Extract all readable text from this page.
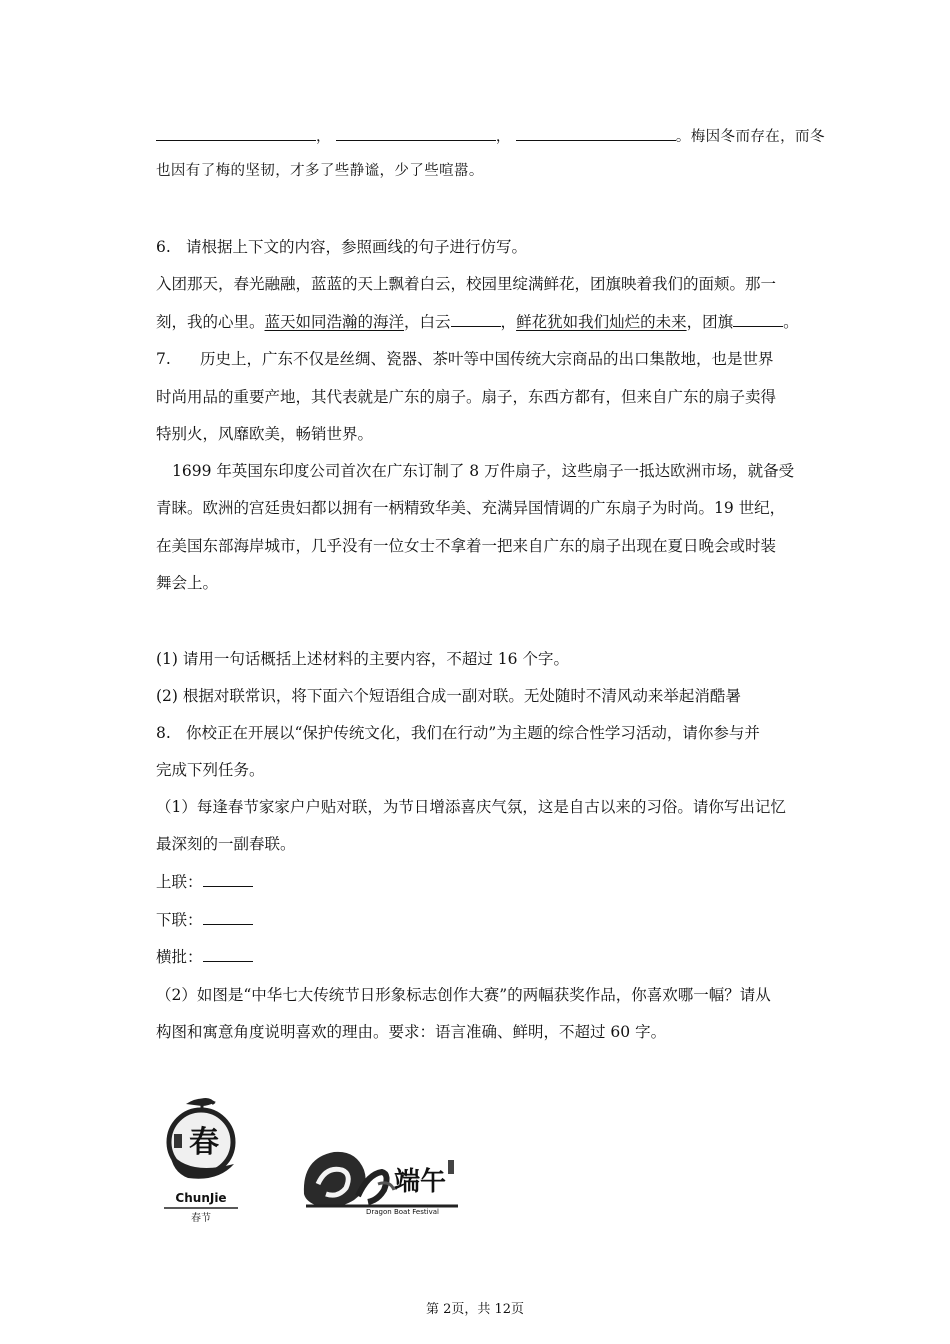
，	，	。梅因冬而存在，而冬
也因有了梅的坚韧，才多了些静谧，少了些喧嚣。
6. 请根据上下文的内容，参照画线的句子进行仿写。
入团那天，春光融融，蓝蓝的天上飘着白云，校园里绽满鲜花，团旗映着我们的面颊。那一
刻，我的心里。蓝天如同浩瀚的海洋，白云	，鲜花犹如我们灿烂的未来，团旗	。
7. 历史上，广东不仅是丝绸、瓷器、茶叶等中国传统大宗商品的出口集散地，也是世界
时尚用品的重要产地，其代表就是广东的扇子。扇子，东西方都有，但来自广东的扇子卖得
特别火，风靡欧美，畅销世界。
1699 年英国东印度公司首次在广东订制了 8 万件扇子，这些扇子一抵达欧洲市场，就备受
青睐。欧洲的宫廷贵妇都以拥有一柄精致华美、充满异国情调的广东扇子为时尚。19 世纪，
在美国东部海岸城市，几乎没有一位女士不拿着一把来自广东的扇子出现在夏日晚会或时装
舞会上。
(1) 请用一句话概括上述材料的主要内容，不超过 16 个字。
(2) 根据对联常识，将下面六个短语组合成一副对联。无处随时不清风动来举起消酷暑
8. 你校正在开展以“保护传统文化，我们在行动”为主题的综合性学习活动，请你参与并
完成下列任务。
（1）每逢春节家家户户贴对联，为节日增添喜庆气氛，这是自古以来的习俗。请你写出记忆
最深刻的一副春联。
上联：
下联：
横批：
（2）如图是“中华七大传统节日形象标志创作大赛”的两幅获奖作品，你喜欢哪一幅？请从
构图和寓意角度说明喜欢的理由。要求：语言准确、鲜明，不超过 60 字。
春
ChunJie
春节
端午
Dragon Boat Festival
第 2页，共 12页
